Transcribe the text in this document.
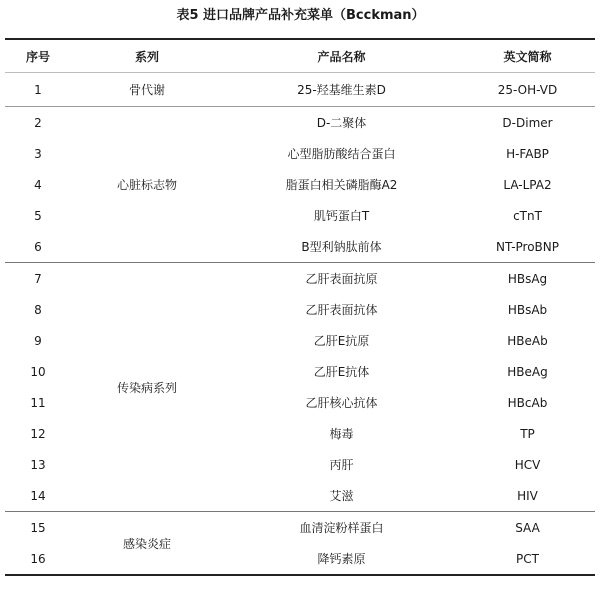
表5 进口品牌产品补充菜单（Bcckman）
序号	系列	产品名称	英文简称
1	骨代谢	25-羟基维生素D	25-OH-VD
2	心脏标志物	D-二聚体	D-Dimer
3		心型脂肪酸结合蛋白	H-FABP
4		脂蛋白相关磷脂酶A2	LA-LPA2
5		肌钙蛋白T	cTnT
6		B型利钠肽前体	NT-ProBNP
7	传染病系列	乙肝表面抗原	HBsAg
8		乙肝表面抗体	HBsAb
9		乙肝E抗原	HBeAb
10		乙肝E抗体	HBeAg
11		乙肝核心抗体	HBcAb
12		梅毒	TP
13		丙肝	HCV
14		艾滋	HIV
15	感染炎症	血清淀粉样蛋白	SAA
16		降钙素原	PCT
